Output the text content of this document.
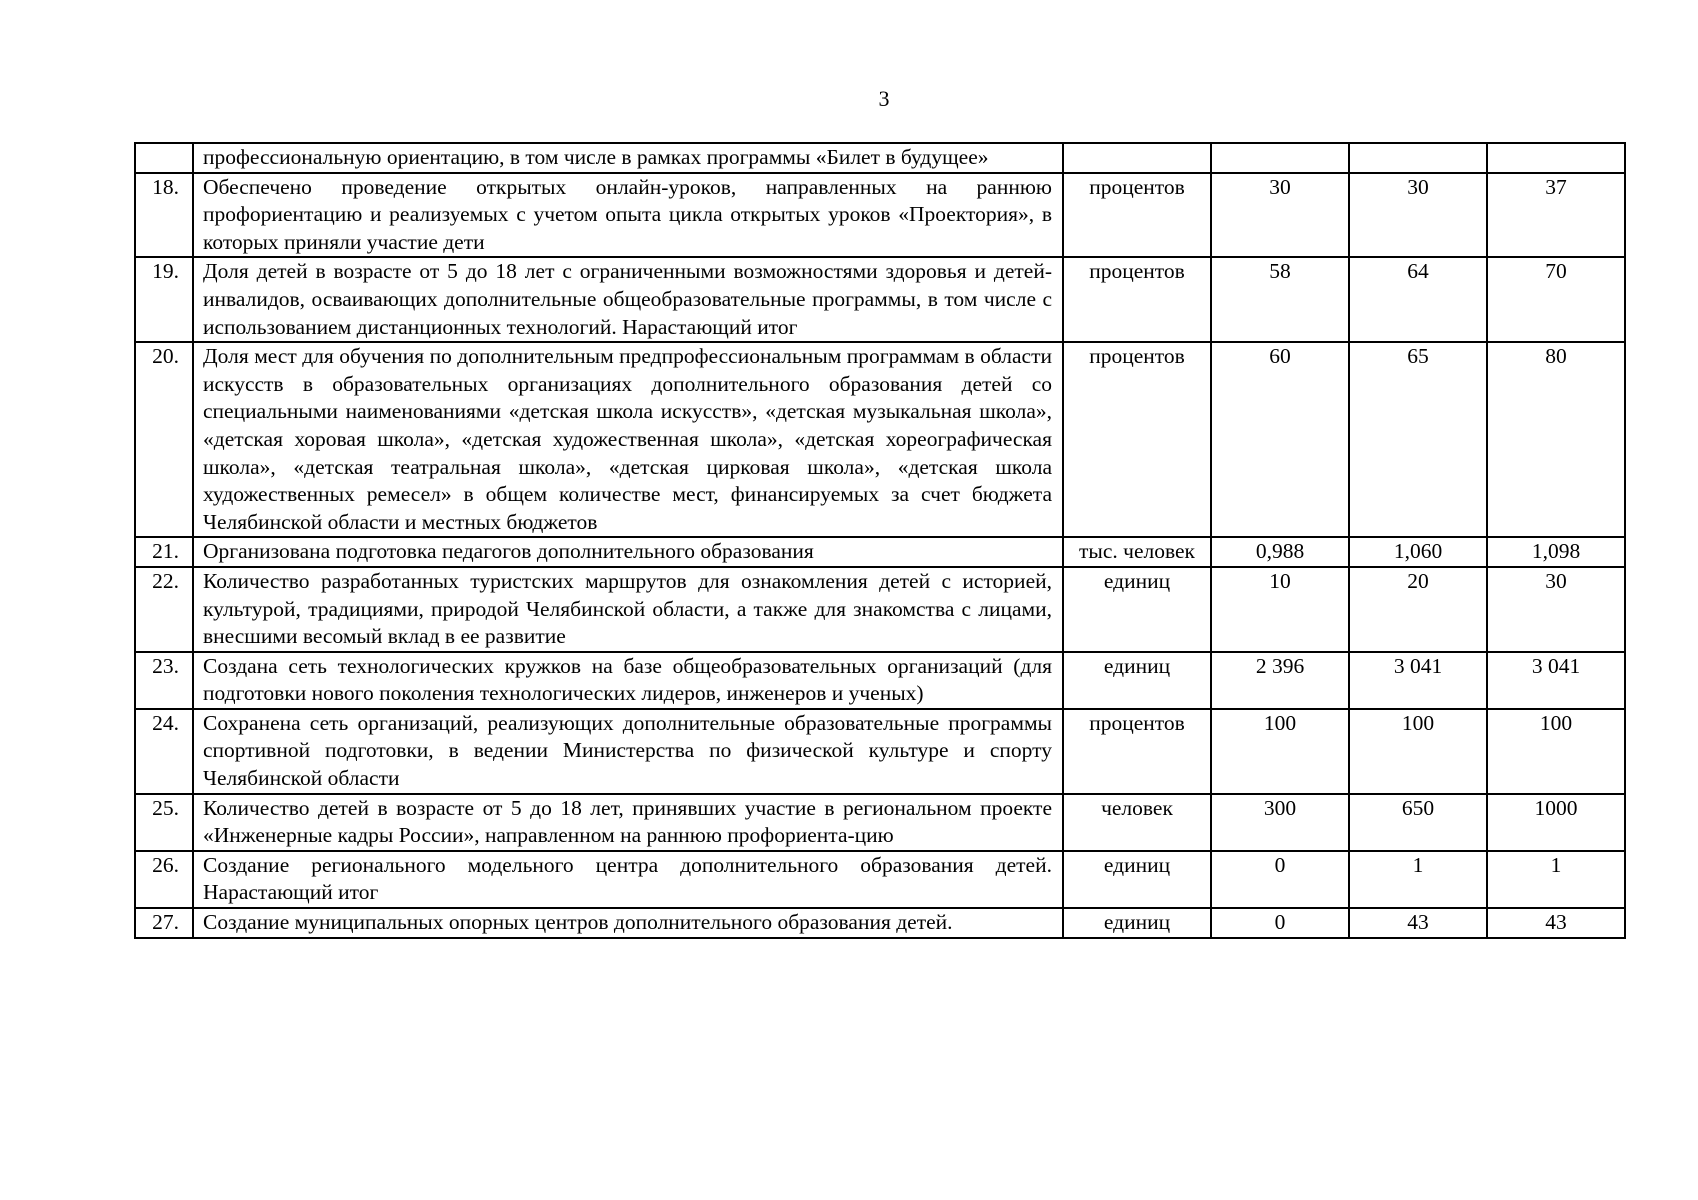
3
	профессиональную ориентацию, в том числе в рамках программы «Билет в будущее»				
18.	Обеспечено проведение открытых онлайн-уроков, направленных на раннюю профориентацию и реализуемых с учетом опыта цикла открытых уроков «Проектория», в которых приняли участие дети	процентов	30	30	37
19.	Доля детей в возрасте от 5 до 18 лет с ограниченными возможностями здоровья и детей-инвалидов, осваивающих дополнительные общеобразовательные программы, в том числе с использованием дистанционных технологий. Нарастающий итог	процентов	58	64	70
20.	Доля мест для обучения по дополнительным предпрофессиональным программам в области искусств в образовательных организациях дополнительного образования детей со специальными наименованиями «детская школа искусств», «детская музыкальная школа», «детская хоровая школа», «детская художественная школа», «детская хореографическая школа», «детская театральная школа», «детская цирковая школа», «детская школа художественных ремесел» в общем количестве мест, финансируемых за счет бюджета Челябинской области и местных бюджетов	процентов	60	65	80
21.	Организована подготовка педагогов дополнительного образования	тыс. человек	0,988	1,060	1,098
22.	Количество разработанных туристских маршрутов для ознакомления детей с историей, культурой, традициями, природой Челябинской области, а также для знакомства с лицами, внесшими весомый вклад в ее развитие	единиц	10	20	30
23.	Создана сеть технологических кружков на базе общеобразовательных организаций (для подготовки нового поколения технологических лидеров, инженеров и ученых)	единиц	2 396	3 041	3 041
24.	Сохранена сеть организаций, реализующих дополнительные образовательные программы спортивной подготовки, в ведении Министерства по физической культуре и спорту Челябинской области	процентов	100	100	100
25.	Количество детей в возрасте от 5 до 18 лет, принявших участие в региональном проекте «Инженерные кадры России», направленном на раннюю профориента-цию	человек	300	650	1000
26.	Создание регионального модельного центра дополнительного образования детей. Нарастающий итог	единиц	0	1	1
27.	Создание муниципальных опорных центров дополнительного образования детей.	единиц	0	43	43
